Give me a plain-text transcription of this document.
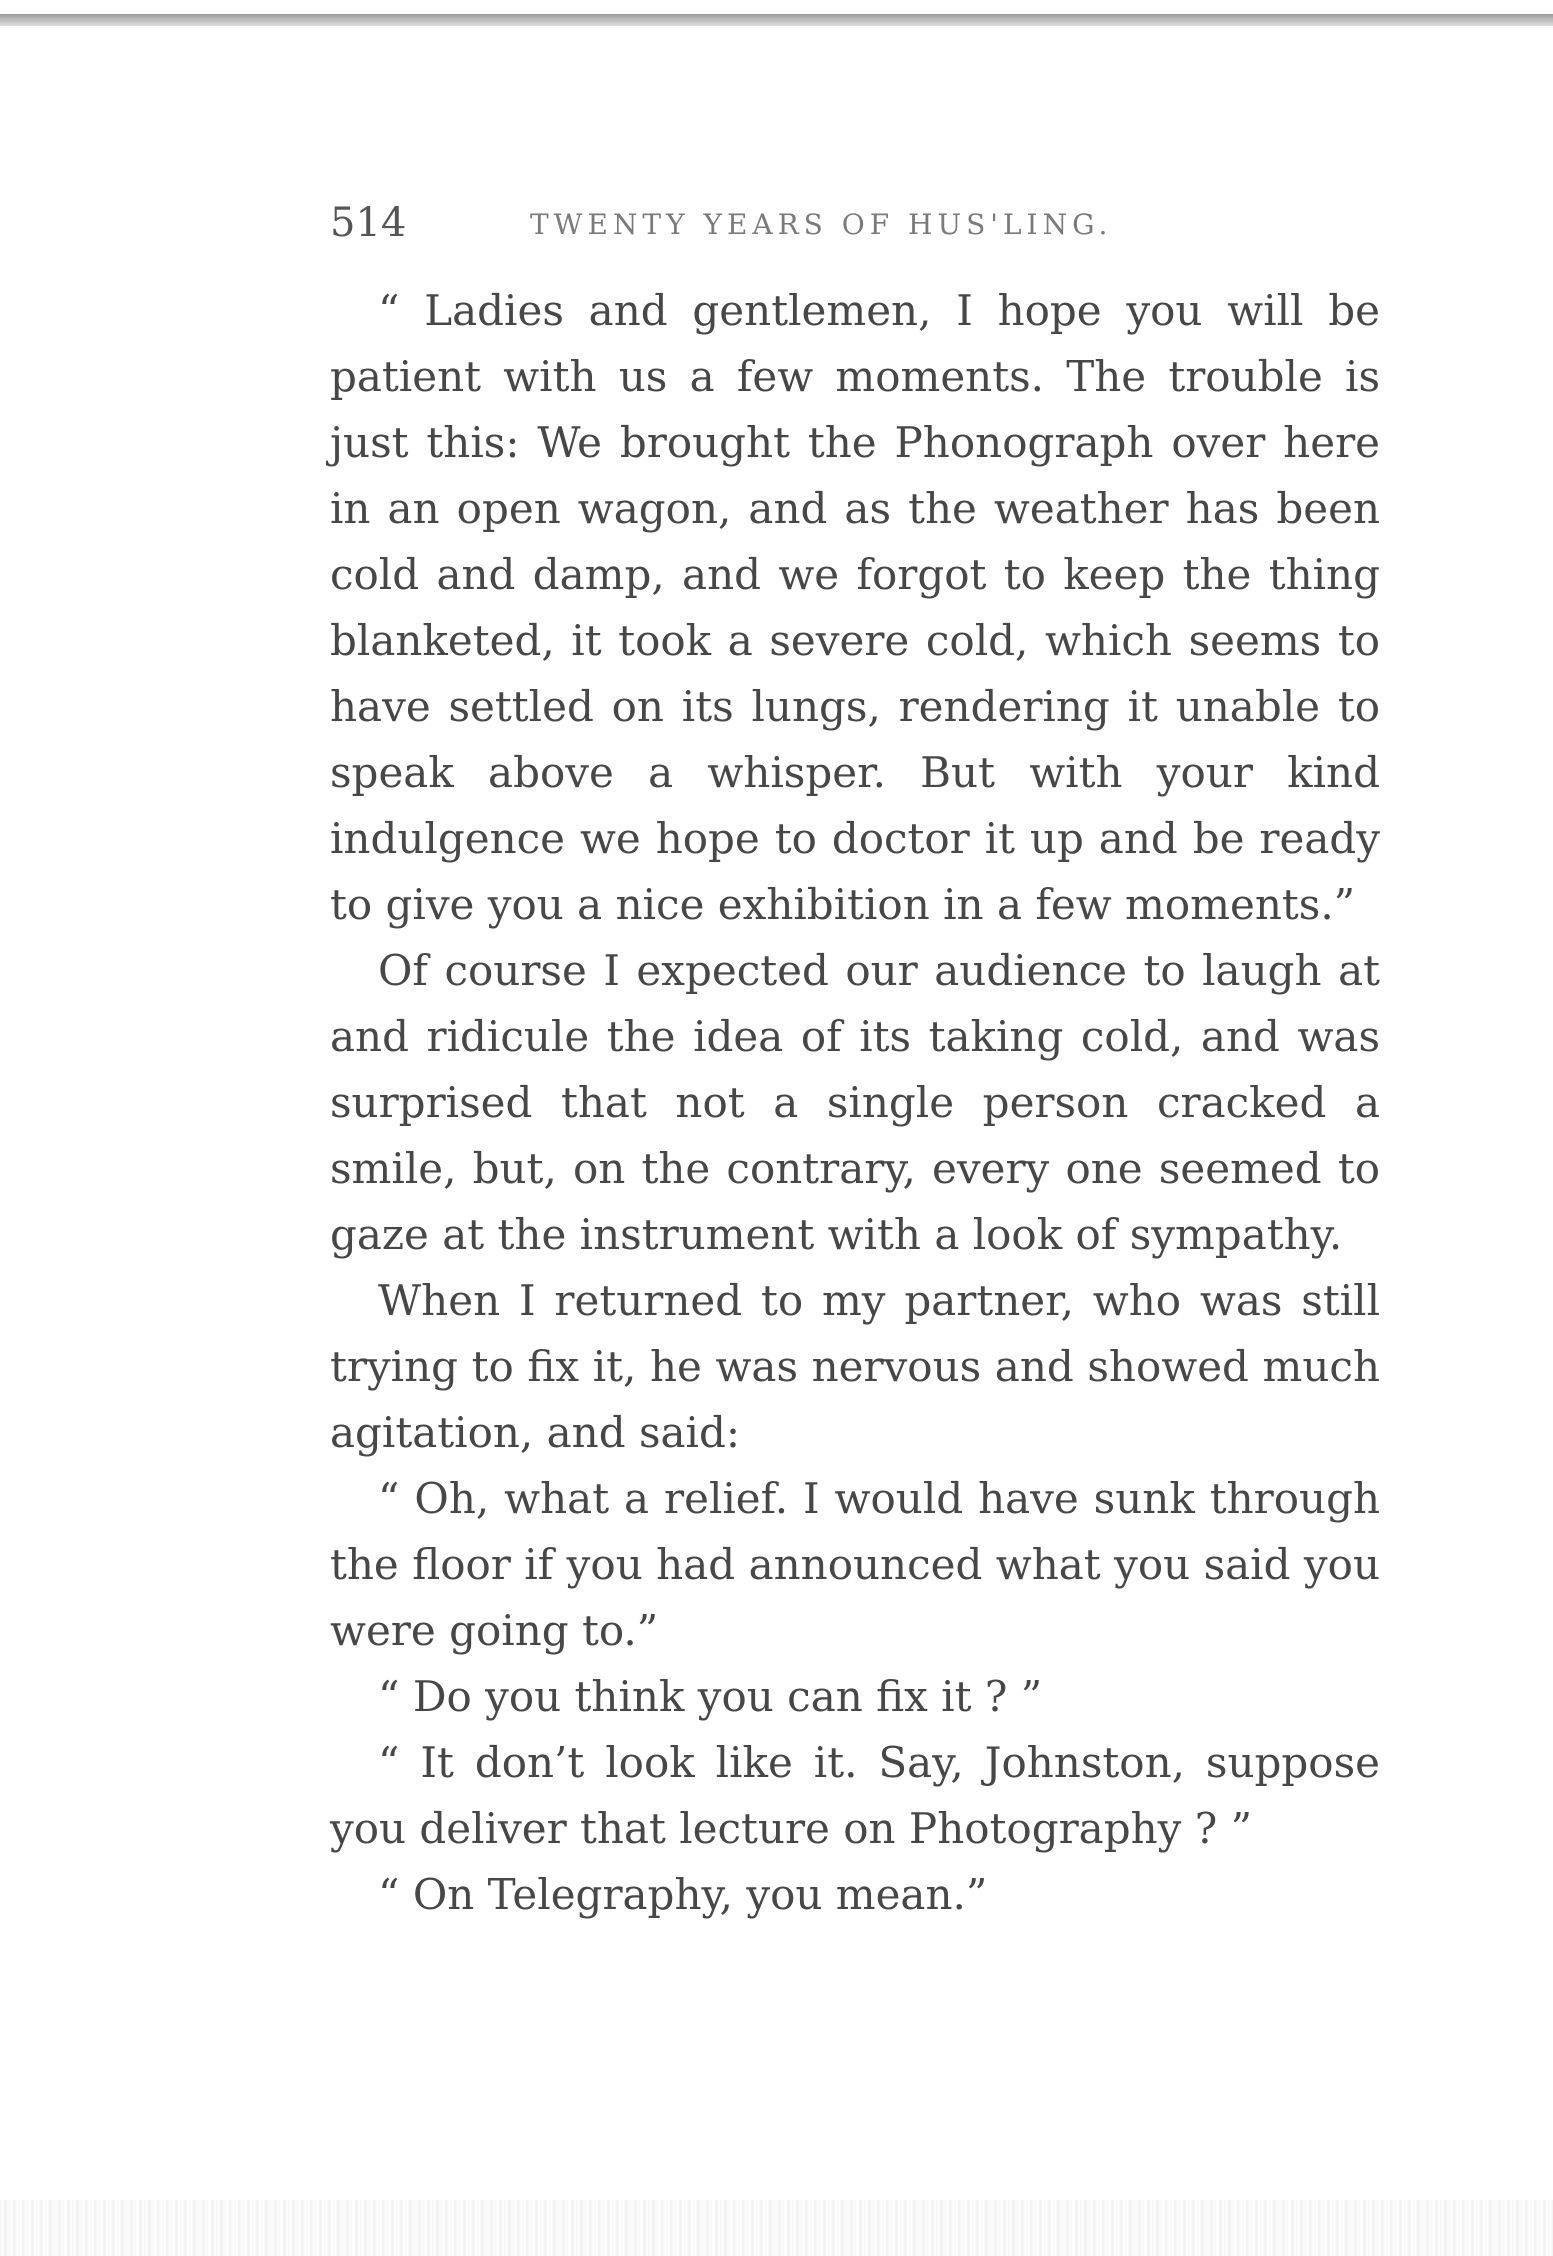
514	TWENTY YEARS OF HUS'LING.

“ Ladies and gentlemen, I hope you will be patient with us a few moments. The trouble is just this: We brought the Phonograph over here in an open wagon, and as the weather has been cold and damp, and we forgot to keep the thing blanketed, it took a severe cold, which seems to have settled on its lungs, rendering it unable to speak above a whisper. But with your kind indulgence we hope to doctor it up and be ready to give you a nice exhibition in a few moments.”

Of course I expected our audience to laugh at and ridicule the idea of its taking cold, and was surprised that not a single person cracked a smile, but, on the contrary, every one seemed to gaze at the instrument with a look of sympathy.

When I returned to my partner, who was still trying to fix it, he was nervous and showed much agitation, and said:

“ Oh, what a relief. I would have sunk through the floor if you had announced what you said you were going to.”

“ Do you think you can fix it ? ”

“ It don’t look like it. Say, Johnston, suppose you deliver that lecture on Photography ? ”

“ On Telegraphy, you mean.”
